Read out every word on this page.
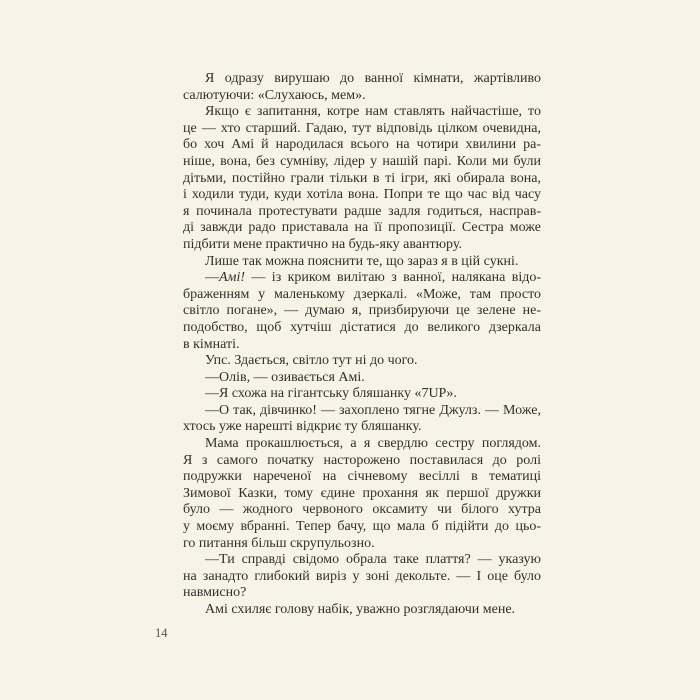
Я одразу вирушаю до ванної кімнати, жартівливо
салютуючи: «Слухаюсь, мем».
Якщо є запитання, котре нам ставлять найчастіше, то
це — хто старший. Гадаю, тут відповідь цілком очевидна,
бо хоч Амі й народилася всього на чотири хвилини ра-
ніше, вона, без сумніву, лідер у нашій парі. Коли ми були
дітьми, постійно грали тільки в ті ігри, які обирала вона,
і ходили туди, куди хотіла вона. Попри те що час від часу
я починала протестувати радше задля годиться, насправ-
ді завжди радо приставала на її пропозиції. Сестра може
підбити мене практично на будь-яку авантюру.
Лише так можна пояснити те, що зараз я в цій сукні.
—Амі! — із криком вилітаю з ванної, налякана відо-
браженням у маленькому дзеркалі. «Може, там просто
світло погане», — думаю я, призбируючи це зелене не-
подобство, щоб хутчіш дістатися до великого дзеркала
в кімнаті.
Упс. Здається, світло тут ні до чого.
—Олів, — озивається Амі.
—Я схожа на гігантську бляшанку «7UP».
—О так, дівчинко! — захоплено тягне Джулз. — Може,
хтось уже нарешті відкриє ту бляшанку.
Мама прокашлюється, а я свердлю сестру поглядом.
Я з самого початку насторожено поставилася до ролі
подружки нареченої на січневому весіллі в тематиці
Зимової Казки, тому єдине прохання як першої дружки
було — жодного червоного оксамиту чи білого хутра
у моєму вбранні. Тепер бачу, що мала б підійти до цьо-
го питання більш скрупульозно.
—Ти справді свідомо обрала таке плаття? — указую
на занадто глибокий виріз у зоні декольте. — І оце було
навмисно?
Амі схиляє голову набік, уважно розглядаючи мене.
14
